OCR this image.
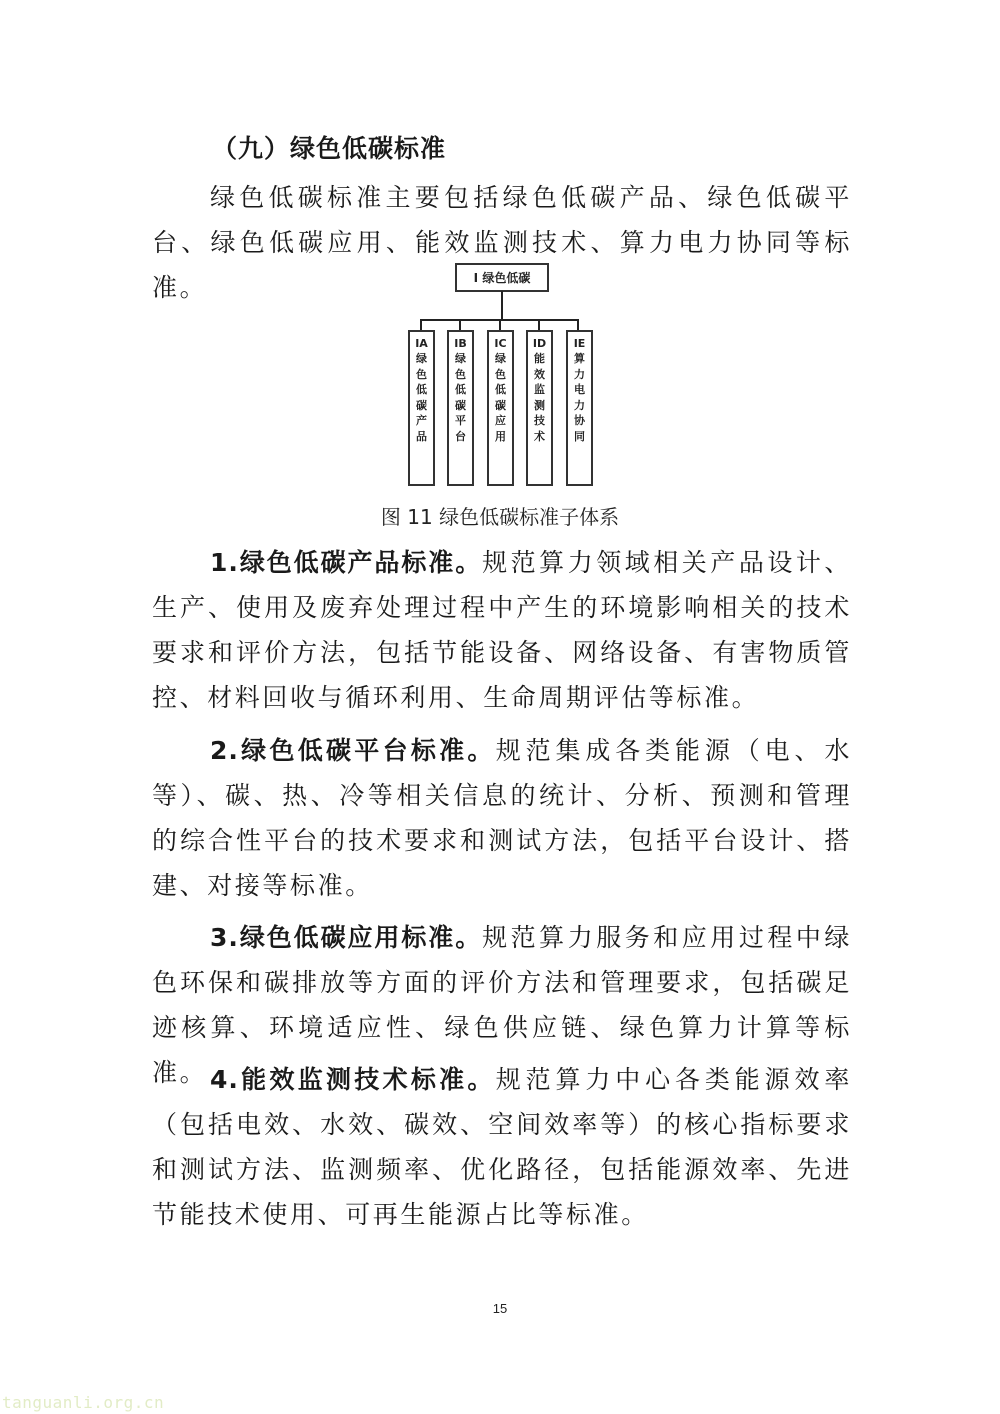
（九）绿色低碳标准
绿色低碳标准主要包括绿色低碳产品、绿色低碳平台、绿色低碳应用、能效监测技术、算力电力协同等标准。	I 绿色低碳
IA
绿色低碳产品
IB
绿色低碳平台
IC
绿色低碳应用
ID
能效监测技术
IE
算力电力协同
图 11 绿色低碳标准子体系
1.绿色低碳产品标准。规范算力领域相关产品设计、生产、使用及废弃处理过程中产生的环境影响相关的技术要求和评价方法，包括节能设备、网络设备、有害物质管控、材料回收与循环利用、生命周期评估等标准。
2.绿色低碳平台标准。规范集成各类能源（电、水等）、碳、热、冷等相关信息的统计、分析、预测和管理的综合性平台的技术要求和测试方法，包括平台设计、搭建、对接等标准。
3.绿色低碳应用标准。规范算力服务和应用过程中绿色环保和碳排放等方面的评价方法和管理要求，包括碳足迹核算、环境适应性、绿色供应链、绿色算力计算等标准。 4.能效监测技术标准。规范算力中心各类能源效率（包括电效、水效、碳效、空间效率等）的核心指标要求和测试方法、监测频率、优化路径，包括能源效率、先进节能技术使用、可再生能源占比等标准。
15
tanguanli.org.cn
